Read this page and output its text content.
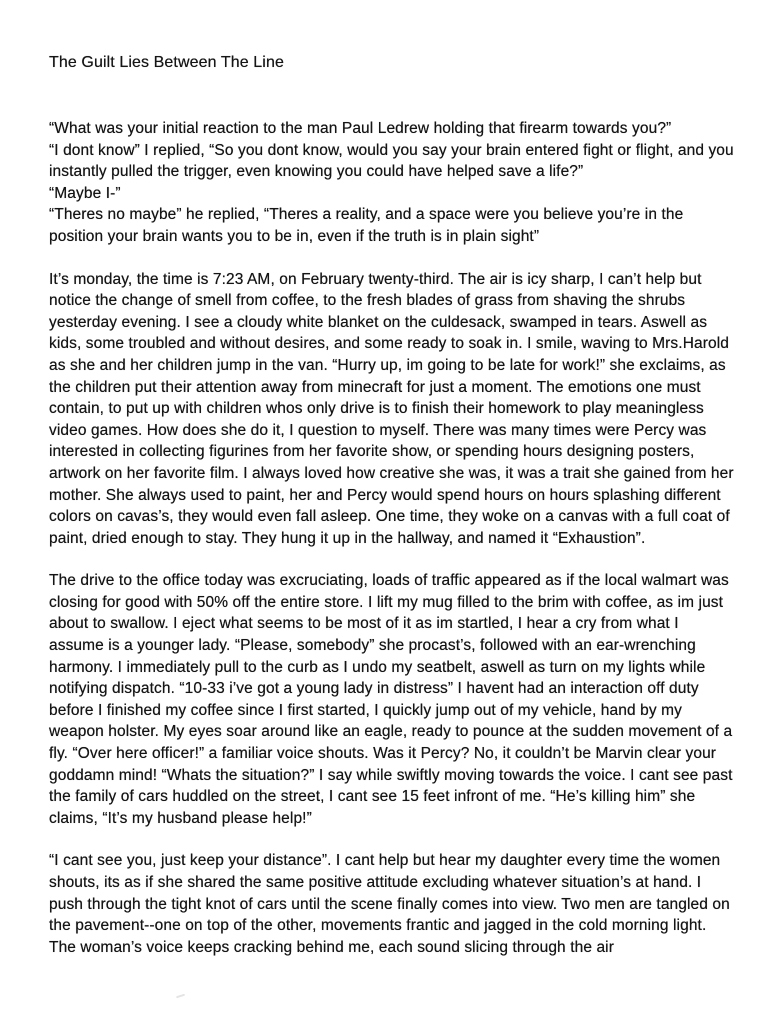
The Guilt Lies Between The Line

“What was your initial reaction to the man Paul Ledrew holding that firearm towards you?”
“I dont know” I replied, “So you dont know, would you say your brain entered fight or flight, and you instantly pulled the trigger, even knowing you could have helped save a life?”
“Maybe I-”
“Theres no maybe” he replied, “Theres a reality, and a space were you believe you’re in the position your brain wants you to be in, even if the truth is in plain sight”

It’s monday, the time is 7:23 AM, on February twenty-third. The air is icy sharp, I can’t help but notice the change of smell from coffee, to the fresh blades of grass from shaving the shrubs yesterday evening. I see a cloudy white blanket on the culdesack, swamped in tears. Aswell as kids, some troubled and without desires, and some ready to soak in. I smile, waving to Mrs.Harold as she and her children jump in the van. “Hurry up, im going to be late for work!” she exclaims, as the children put their attention away from minecraft for just a moment. The emotions one must contain, to put up with children whos only drive is to finish their homework to play meaningless video games. How does she do it, I question to myself. There was many times were Percy was interested in collecting figurines from her favorite show, or spending hours designing posters, artwork on her favorite film. I always loved how creative she was, it was a trait she gained from her mother. She always used to paint, her and Percy would spend hours on hours splashing different colors on cavas’s, they would even fall asleep. One time, they woke on a canvas with a full coat of paint, dried enough to stay. They hung it up in the hallway, and named it “Exhaustion”.

The drive to the office today was excruciating, loads of traffic appeared as if the local walmart was closing for good with 50% off the entire store. I lift my mug filled to the brim with coffee, as im just about to swallow. I eject what seems to be most of it as im startled, I hear a cry from what I assume is a younger lady. “Please, somebody” she procast’s, followed with an ear-wrenching harmony. I immediately pull to the curb as I undo my seatbelt, aswell as turn on my lights while notifying dispatch. “10-33 i’ve got a young lady in distress” I havent had an interaction off duty before I finished my coffee since I first started, I quickly jump out of my vehicle, hand by my weapon holster. My eyes soar around like an eagle, ready to pounce at the sudden movement of a fly. “Over here officer!” a familiar voice shouts. Was it Percy? No, it couldn’t be Marvin clear your goddamn mind! “Whats the situation?” I say while swiftly moving towards the voice. I cant see past the family of cars huddled on the street, I cant see 15 feet infront of me. “He’s killing him” she claims, “It’s my husband please help!”

“I cant see you, just keep your distance”. I cant help but hear my daughter every time the women shouts, its as if she shared the same positive attitude excluding whatever situation’s at hand. I push through the tight knot of cars until the scene finally comes into view. Two men are tangled on the pavement--one on top of the other, movements frantic and jagged in the cold morning light. The woman’s voice keeps cracking behind me, each sound slicing through the air
